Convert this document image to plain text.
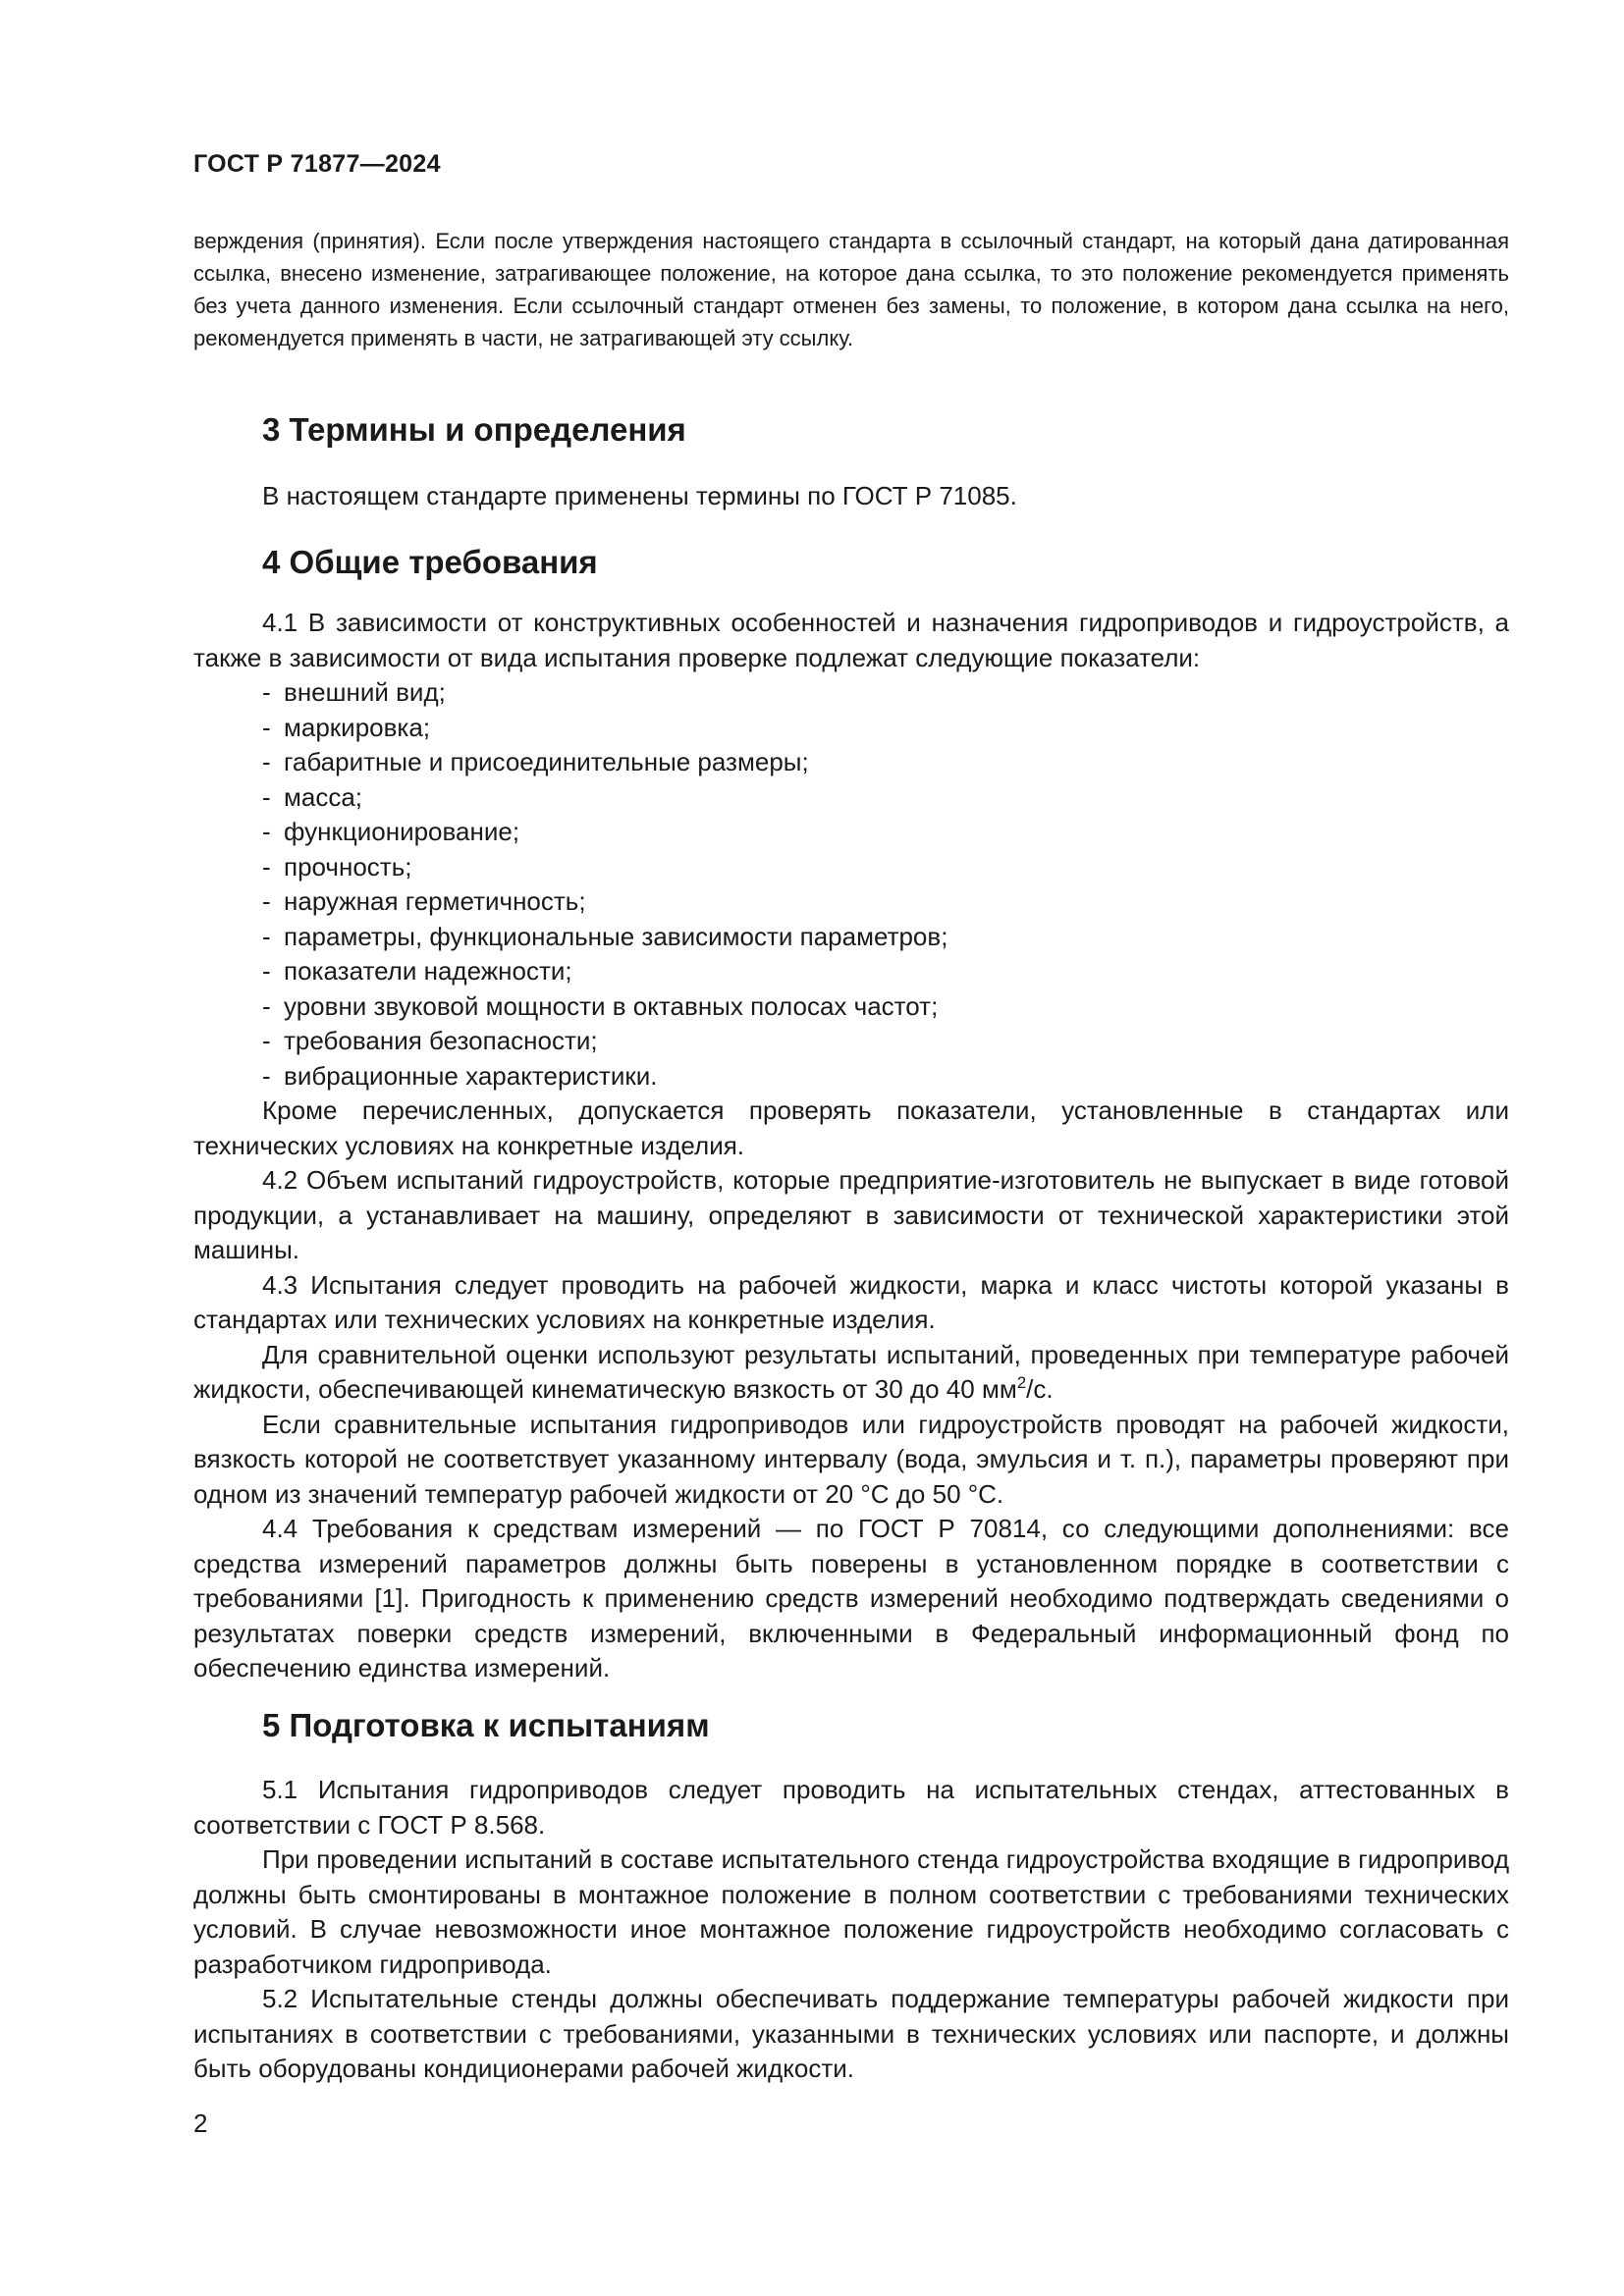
ГОСТ Р 71877—2024

верждения (принятия). Если после утверждения настоящего стандарта в ссылочный стандарт, на который дана датированная ссылка, внесено изменение, затрагивающее положение, на которое дана ссылка, то это положение рекомендуется применять без учета данного изменения. Если ссылочный стандарт отменен без замены, то положение, в котором дана ссылка на него, рекомендуется применять в части, не затрагивающей эту ссылку.

3 Термины и определения

В настоящем стандарте применены термины по ГОСТ Р 71085.

4 Общие требования

4.1 В зависимости от конструктивных особенностей и назначения гидроприводов и гидроустройств, а также в зависимости от вида испытания проверке подлежат следующие показатели:

- внешний вид;
- маркировка;
- габаритные и присоединительные размеры;
- масса;
- функционирование;
- прочность;
- наружная герметичность;
- параметры, функциональные зависимости параметров;
- показатели надежности;
- уровни звуковой мощности в октавных полосах частот;
- требования безопасности;
- вибрационные характеристики.

Кроме перечисленных, допускается проверять показатели, установленные в стандартах или технических условиях на конкретные изделия.

4.2 Объем испытаний гидроустройств, которые предприятие-изготовитель не выпускает в виде готовой продукции, а устанавливает на машину, определяют в зависимости от технической характеристики этой машины.

4.3 Испытания следует проводить на рабочей жидкости, марка и класс чистоты которой указаны в стандартах или технических условиях на конкретные изделия.

Для сравнительной оценки используют результаты испытаний, проведенных при температуре рабочей жидкости, обеспечивающей кинематическую вязкость от 30 до 40 $мм^2/с$.

Если сравнительные испытания гидроприводов или гидроустройств проводят на рабочей жидкости, вязкость которой не соответствует указанному интервалу (вода, эмульсия и т. п.), параметры проверяют при одном из значений температур рабочей жидкости от 20 °С до 50 °С.

4.4 Требования к средствам измерений — по ГОСТ Р 70814, со следующими дополнениями: все средства измерений параметров должны быть поверены в установленном порядке в соответствии с требованиями [1]. Пригодность к применению средств измерений необходимо подтверждать сведениями о результатах поверки средств измерений, включенными в Федеральный информационный фонд по обеспечению единства измерений.

5 Подготовка к испытаниям

5.1 Испытания гидроприводов следует проводить на испытательных стендах, аттестованных в соответствии с ГОСТ Р 8.568.

При проведении испытаний в составе испытательного стенда гидроустройства входящие в гидропривод должны быть смонтированы в монтажное положение в полном соответствии с требованиями технических условий. В случае невозможности иное монтажное положение гидроустройств необходимо согласовать с разработчиком гидропривода.

5.2 Испытательные стенды должны обеспечивать поддержание температуры рабочей жидкости при испытаниях в соответствии с требованиями, указанными в технических условиях или паспорте, и должны быть оборудованы кондиционерами рабочей жидкости.

2
